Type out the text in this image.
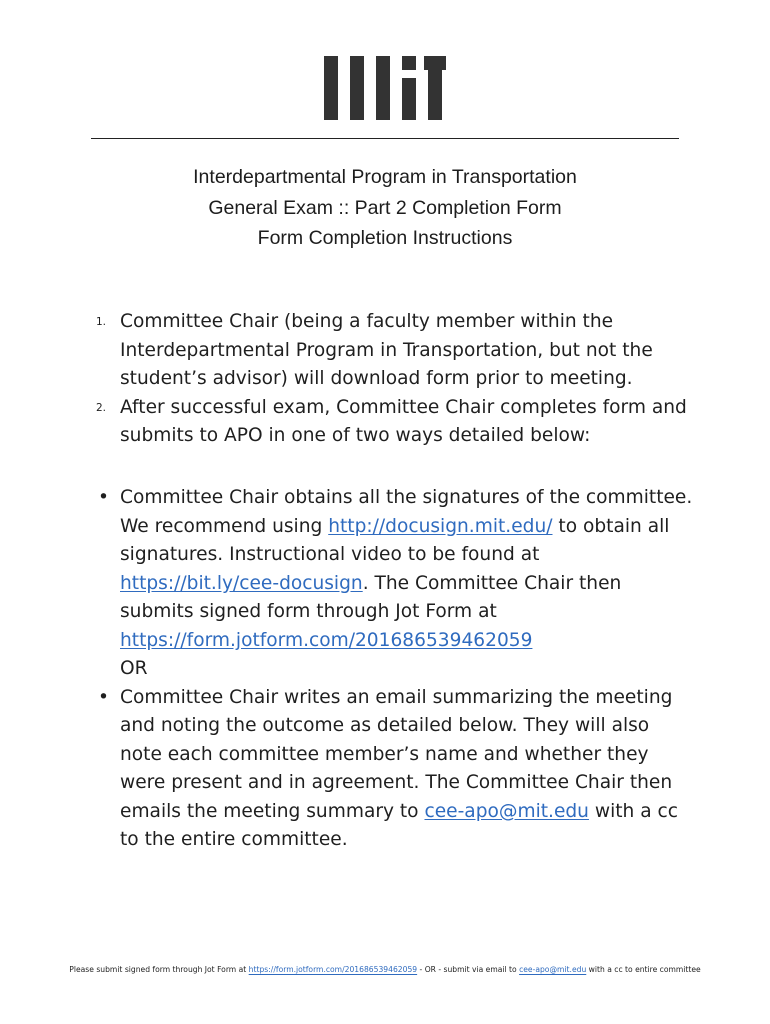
Interdepartmental Program in Transportation
General Exam :: Part 2 Completion Form
Form Completion Instructions
1. Committee Chair (being a faculty member within the
Interdepartmental Program in Transportation, but not the
student’s advisor) will download form prior to meeting.
2. After successful exam, Committee Chair completes form and
submits to APO in one of two ways detailed below:
• Committee Chair obtains all the signatures of the committee.
We recommend using http://docusign.mit.edu/ to obtain all
signatures. Instructional video to be found at
https://bit.ly/cee-docusign. The Committee Chair then
submits signed form through Jot Form at
https://form.jotform.com/201686539462059
OR
• Committee Chair writes an email summarizing the meeting
and noting the outcome as detailed below. They will also
note each committee member’s name and whether they
were present and in agreement. The Committee Chair then
emails the meeting summary to cee-apo@mit.edu with a cc
to the entire committee.
Please submit signed form through Jot Form at https://form.jotform.com/201686539462059 - OR - submit via email to cee-apo@mit.edu with a cc to entire committee
